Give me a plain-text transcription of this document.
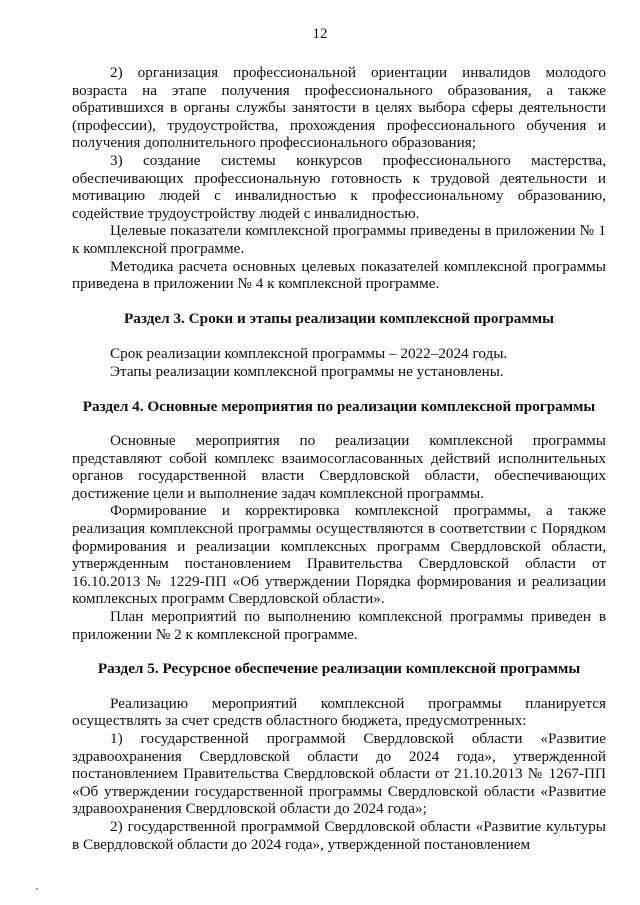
12

2) организация профессиональной ориентации инвалидов молодого возраста на этапе получения профессионального образования, а также обратившихся в органы службы занятости в целях выбора сферы деятельности (профессии), трудоустройства, прохождения профессионального обучения и получения дополнительного профессионального образования;

3) создание системы конкурсов профессионального мастерства, обеспечивающих профессиональную готовность к трудовой деятельности и мотивацию людей с инвалидностью к профессиональному образованию, содействие трудоустройству людей с инвалидностью.

Целевые показатели комплексной программы приведены в приложении № 1 к комплексной программе.

Методика расчета основных целевых показателей комплексной программы приведена в приложении № 4 к комплексной программе.

Раздел 3. Сроки и этапы реализации комплексной программы

Срок реализации комплексной программы – 2022–2024 годы.

Этапы реализации комплексной программы не установлены.

Раздел 4. Основные мероприятия по реализации комплексной программы

Основные мероприятия по реализации комплексной программы представляют собой комплекс взаимосогласованных действий исполнительных органов государственной власти Свердловской области, обеспечивающих достижение цели и выполнение задач комплексной программы.

Формирование и корректировка комплексной программы, а также реализация комплексной программы осуществляются в соответствии с Порядком формирования и реализации комплексных программ Свердловской области, утвержденным постановлением Правительства Свердловской области от 16.10.2013 № 1229-ПП «Об утверждении Порядка формирования и реализации комплексных программ Свердловской области».

План мероприятий по выполнению комплексной программы приведен в приложении № 2 к комплексной программе.

Раздел 5. Ресурсное обеспечение реализации комплексной программы

Реализацию мероприятий комплексной программы планируется осуществлять за счет средств областного бюджета, предусмотренных:

1) государственной программой Свердловской области «Развитие здравоохранения Свердловской области до 2024 года», утвержденной постановлением Правительства Свердловской области от 21.10.2013 № 1267-ПП «Об утверждении государственной программы Свердловской области «Развитие здравоохранения Свердловской области до 2024 года»;

2) государственной программой Свердловской области «Развитие культуры в Свердловской области до 2024 года», утвержденной постановлением
